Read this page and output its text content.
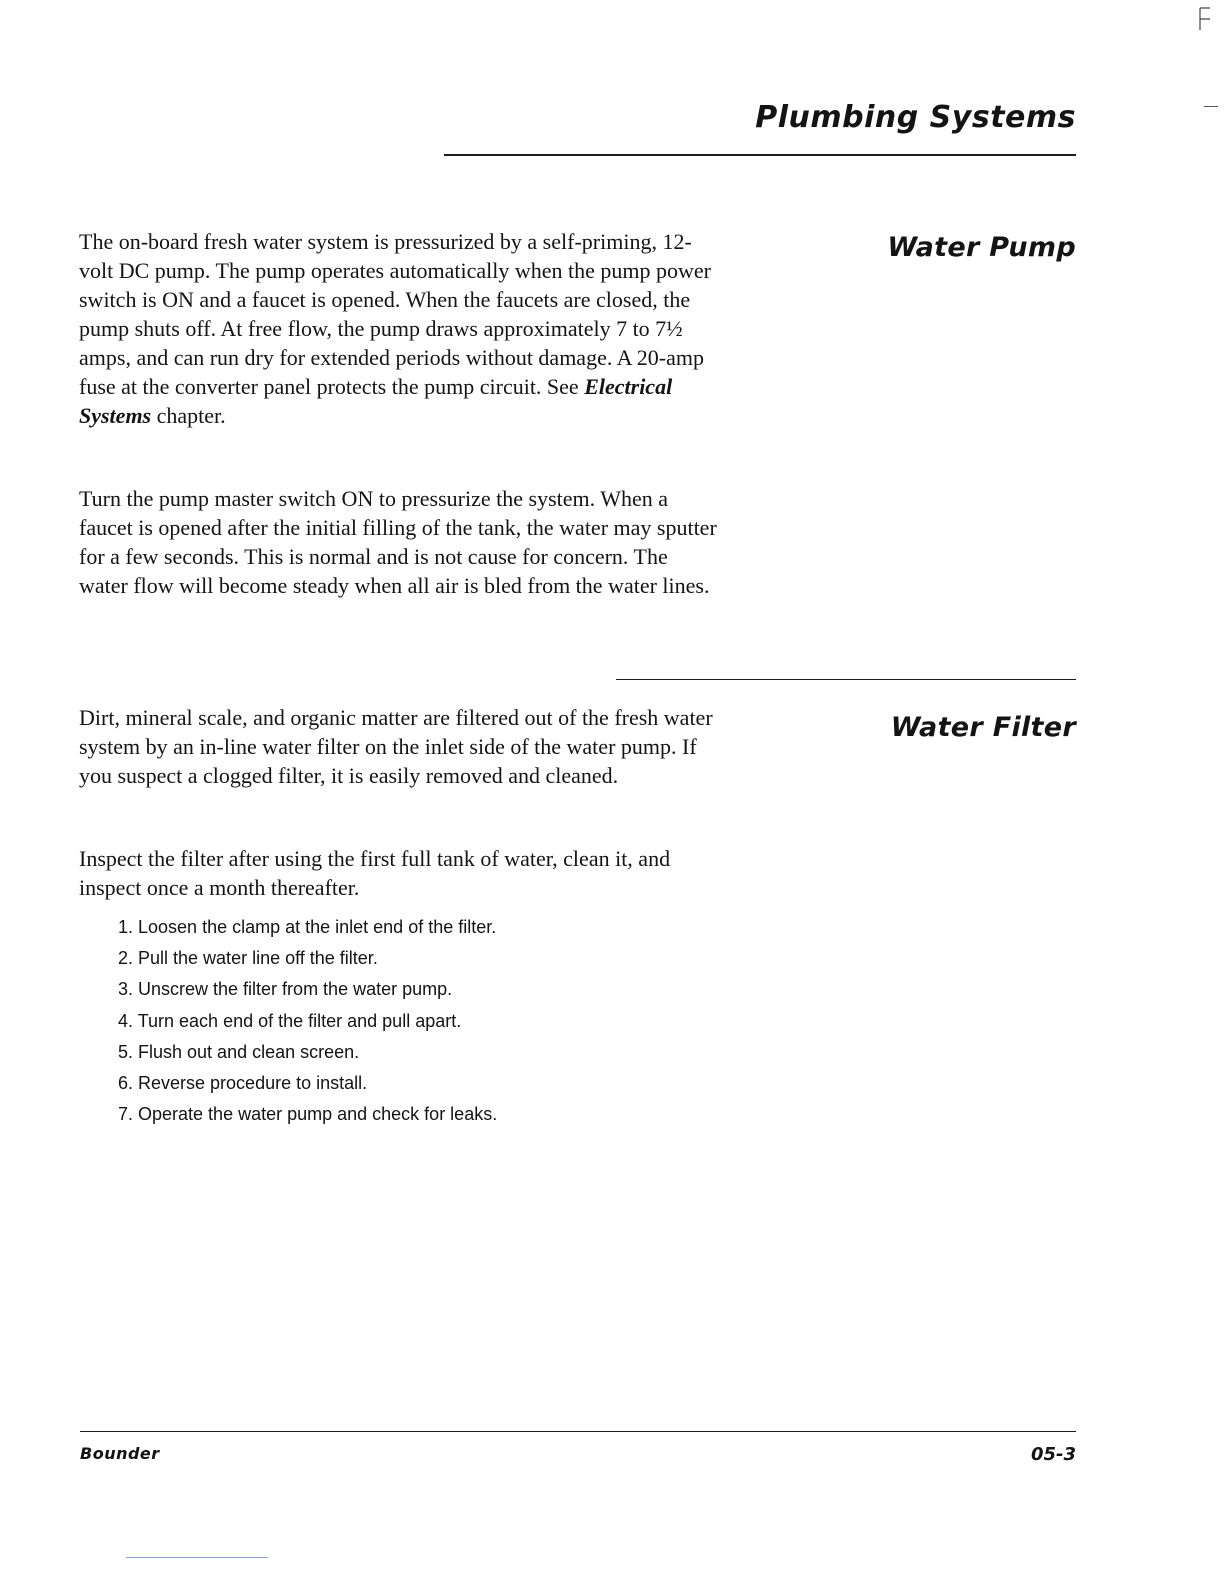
Plumbing Systems
Water Pump

The on-board fresh water system is pressurized by a self-priming, 12-volt DC pump. The pump operates automatically when the pump power switch is ON and a faucet is opened. When the faucets are closed, the pump shuts off. At free flow, the pump draws approximately 7 to 7½ amps, and can run dry for extended periods without damage. A 20-amp fuse at the converter panel protects the pump circuit. See Electrical Systems chapter.

Turn the pump master switch ON to pressurize the system. When a faucet is opened after the initial filling of the tank, the water may sputter for a few seconds. This is normal and is not cause for concern. The water flow will become steady when all air is bled from the water lines.

Water Filter

Dirt, mineral scale, and organic matter are filtered out of the fresh water system by an in-line water filter on the inlet side of the water pump. If you suspect a clogged filter, it is easily removed and cleaned.

Inspect the filter after using the first full tank of water, clean it, and inspect once a month thereafter.

1. Loosen the clamp at the inlet end of the filter.
2. Pull the water line off the filter.
3. Unscrew the filter from the water pump.
4. Turn each end of the filter and pull apart.
5. Flush out and clean screen.
6. Reverse procedure to install.
7. Operate the water pump and check for leaks.
Bounder	05-3
